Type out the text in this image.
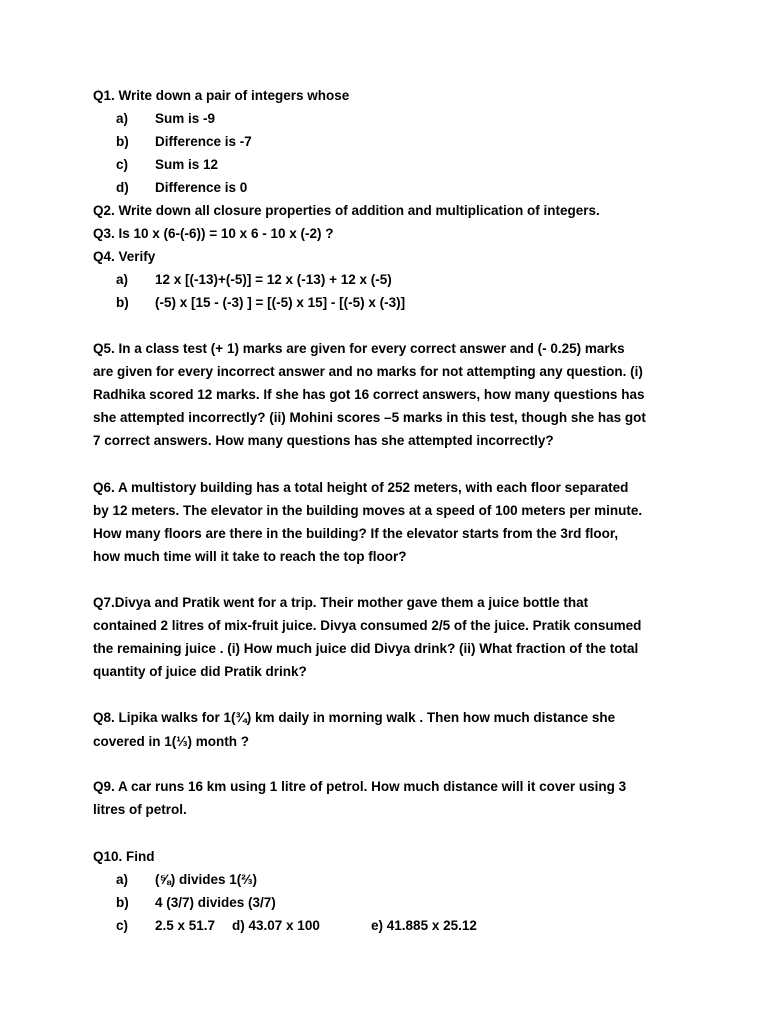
Q1. Write down a pair of integers whose
a) Sum is -9
b) Difference is -7
c) Sum is 12
d) Difference is 0
Q2. Write down all closure properties of addition and multiplication of integers.
Q3. Is 10 x (6-(-6)) = 10 x 6 - 10 x (-2) ?
Q4. Verify
a) 12 x [(-13)+(-5)] = 12 x (-13) + 12 x (-5)
b) (-5) x [15 - (-3) ] = [(-5) x 15] - [(-5) x (-3)]
Q5. In a class test (+ 1) marks are given for every correct answer and (- 0.25) marks
are given for every incorrect answer and no marks for not attempting any question. (i)
Radhika scored 12 marks. If she has got 16 correct answers, how many questions has
she attempted incorrectly? (ii) Mohini scores –5 marks in this test, though she has got
7 correct answers. How many questions has she attempted incorrectly?
Q6. A multistory building has a total height of 252 meters, with each floor separated
by 12 meters. The elevator in the building moves at a speed of 100 meters per minute.
How many floors are there in the building? If the elevator starts from the 3rd floor,
how much time will it take to reach the top floor?
Q7.Divya and Pratik went for a trip. Their mother gave them a juice bottle that
contained 2 litres of mix-fruit juice. Divya consumed 2/5 of the juice. Pratik consumed
the remaining juice . (i) How much juice did Divya drink? (ii) What fraction of the total
quantity of juice did Pratik drink?
Q8. Lipika walks for 1(¾) km daily in morning walk . Then how much distance she
covered in 1(⅓) month ?
Q9. A car runs 16 km using 1 litre of petrol. How much distance will it cover using 3
litres of petrol.
Q10. Find
a) (⅝) divides 1(⅔)
b) 4 (3/7) divides (3/7)
c) 2.5 x 51.7 d) 43.07 x 100	e) 41.885 x 25.12
